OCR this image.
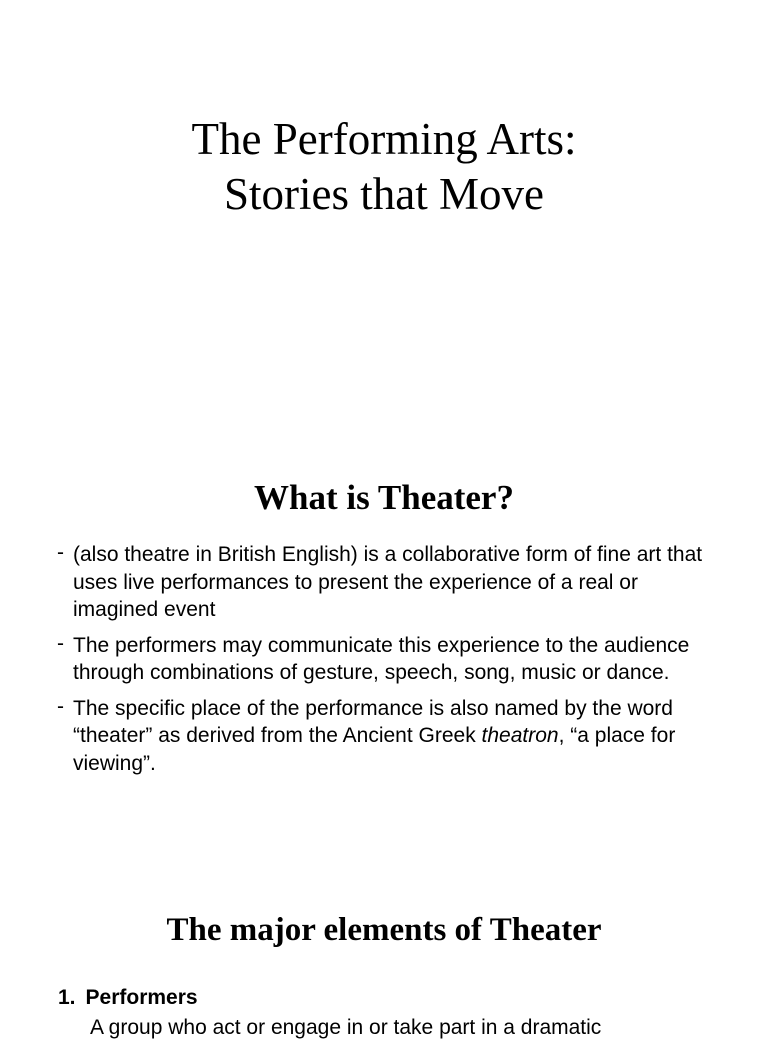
The Performing Arts:
Stories that Move
What is Theater?
- (also theatre in British English) is a collaborative form of fine art that uses live performances to present the experience of a real or imagined event
- The performers may communicate this experience to the audience through combinations of gesture, speech, song, music or dance.
- The specific place of the performance is also named by the word “theater” as derived from the Ancient Greek theatron, “a place for viewing”.
The major elements of Theater

1. Performers

A group who act or engage in or take part in a dramatic
